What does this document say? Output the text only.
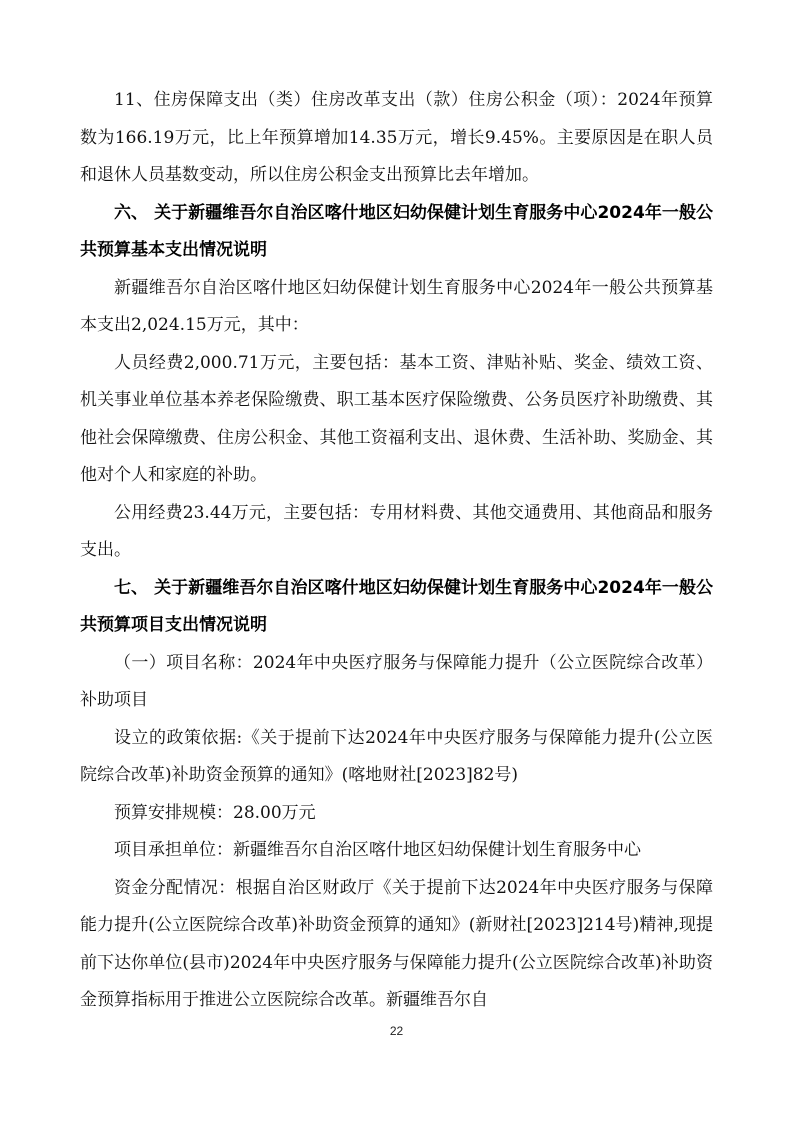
11、住房保障支出（类）住房改革支出（款）住房公积金（项）：2024年预算数为166.19万元，比上年预算增加14.35万元，增长9.45%。主要原因是在职人员和退休人员基数变动，所以住房公积金支出预算比去年增加。

六、 关于新疆维吾尔自治区喀什地区妇幼保健计划生育服务中心2024年一般公共预算基本支出情况说明

新疆维吾尔自治区喀什地区妇幼保健计划生育服务中心2024年一般公共预算基本支出2,024.15万元，其中：

人员经费2,000.71万元，主要包括：基本工资、津贴补贴、奖金、绩效工资、机关事业单位基本养老保险缴费、职工基本医疗保险缴费、公务员医疗补助缴费、其他社会保障缴费、住房公积金、其他工资福利支出、退休费、生活补助、奖励金、其他对个人和家庭的补助。

公用经费23.44万元，主要包括：专用材料费、其他交通费用、其他商品和服务支出。

七、 关于新疆维吾尔自治区喀什地区妇幼保健计划生育服务中心2024年一般公共预算项目支出情况说明

（一）项目名称：2024年中央医疗服务与保障能力提升（公立医院综合改革）补助项目

设立的政策依据:《关于提前下达2024年中央医疗服务与保障能力提升(公立医院综合改革)补助资金预算的通知》(喀地财社[2023]82号)

预算安排规模：28.00万元

项目承担单位：新疆维吾尔自治区喀什地区妇幼保健计划生育服务中心

资金分配情况：根据自治区财政厅《关于提前下达2024年中央医疗服务与保障能力提升(公立医院综合改革)补助资金预算的通知》(新财社[2023]214号)精神,现提前下达你单位(县市)2024年中央医疗服务与保障能力提升(公立医院综合改革)补助资金预算指标用于推进公立医院综合改革。新疆维吾尔自

22
